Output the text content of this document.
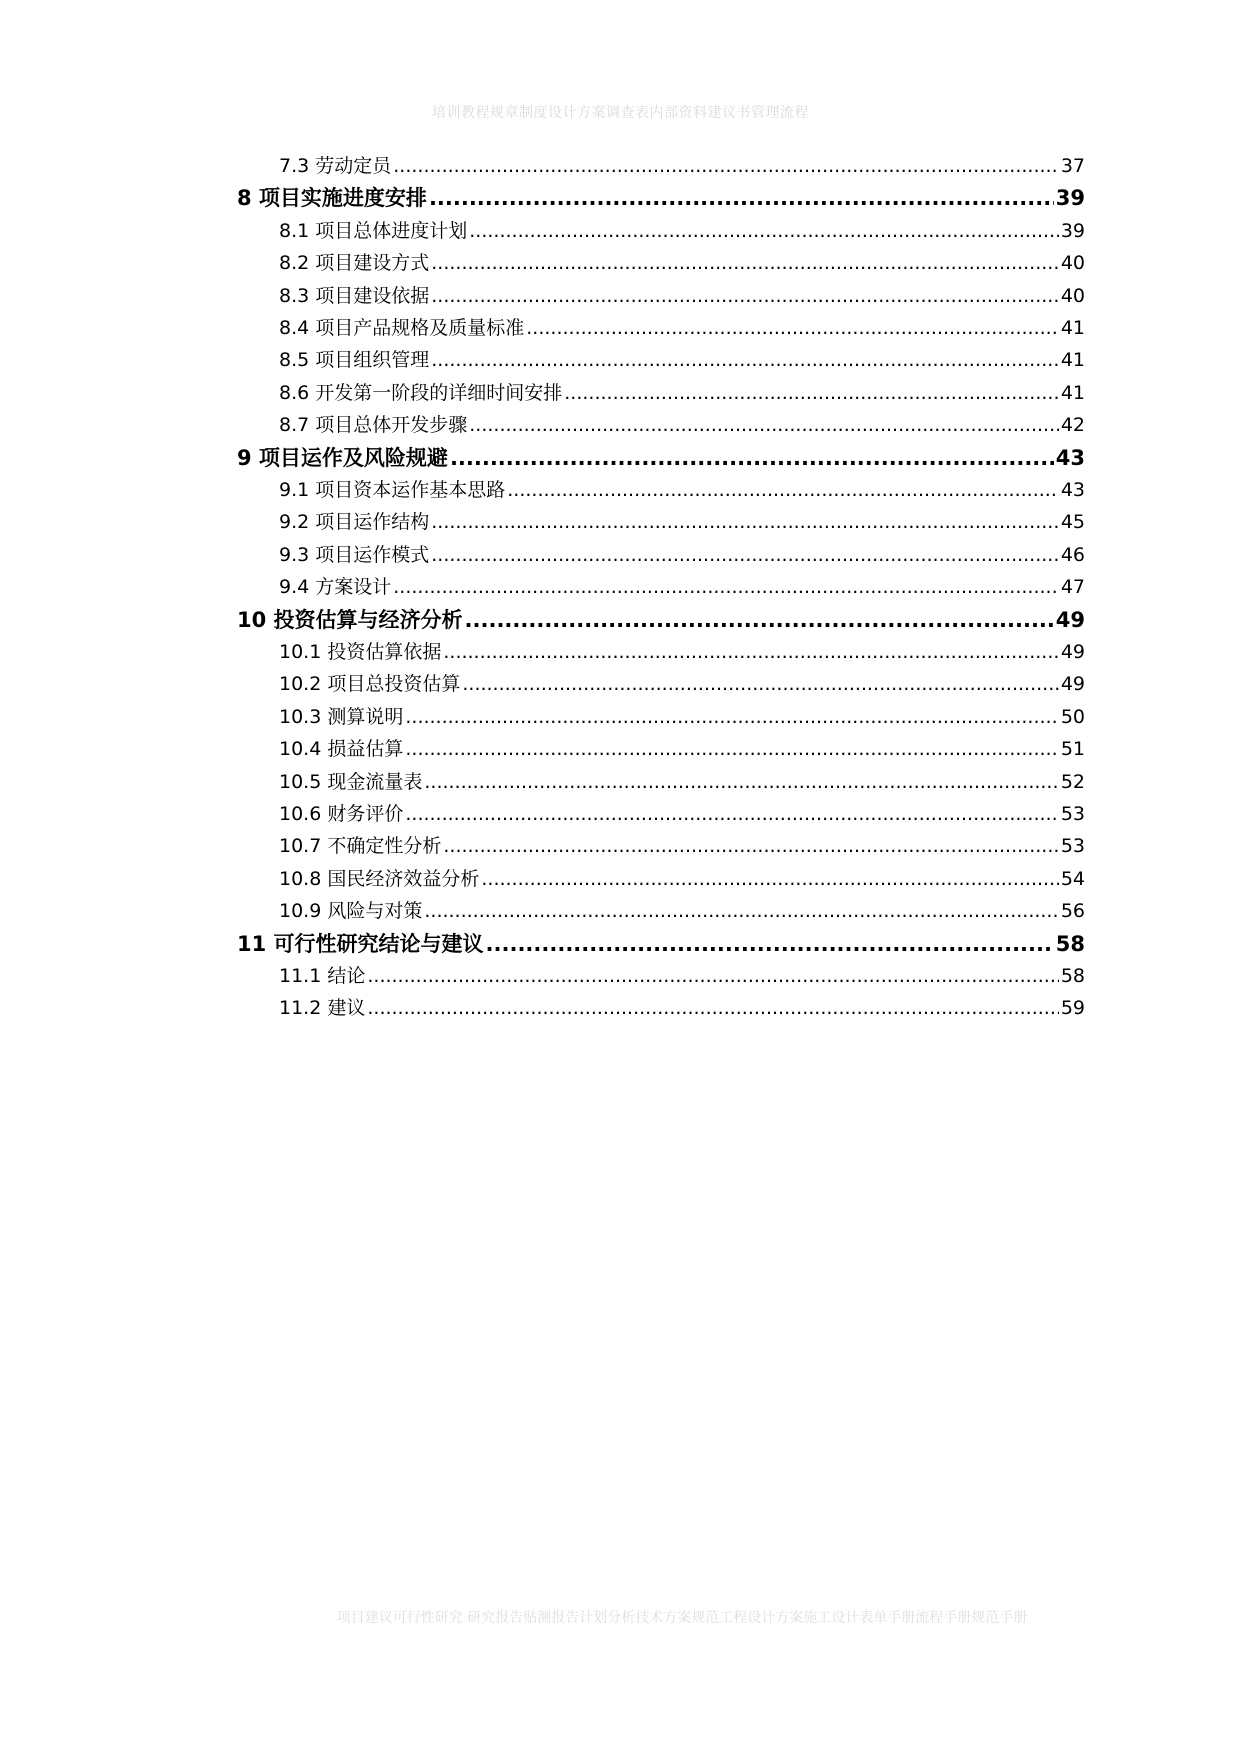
培训教程规章制度设计方案调查表内部资料建议书管理流程
7.3 劳动定员 .....	37
8 项目实施进度安排 .....	39
8.1 项目总体进度计划 .....	39
8.2 项目建设方式 .....	40
8.3 项目建设依据 .....	40
8.4 项目产品规格及质量标准 .....	41
8.5 项目组织管理 .....	41
8.6 开发第一阶段的详细时间安排 .....	41
8.7 项目总体开发步骤 .....	42
9 项目运作及风险规避 .....	43
9.1 项目资本运作基本思路 .....	43
9.2 项目运作结构 .....	45
9.3 项目运作模式 .....	46
9.4 方案设计 .....	47
10 投资估算与经济分析 .....	49
10.1 投资估算依据 .....	49
10.2 项目总投资估算 .....	49
10.3 测算说明 .....	50
10.4 损益估算 .....	51
10.5 现金流量表 .....	52
10.6 财务评价 .....	53
10.7 不确定性分析 .....	53
10.8 国民经济效益分析 .....	54
10.9 风险与对策 .....	56
11 可行性研究结论与建议 .....	58
11.1 结论 .....	58
11.2 建议 .....	59
项目建议可行性研究 研究报告贴测报告计划分析技术方案规范工程设计方案施工设计表单手册流程手册规范手册
